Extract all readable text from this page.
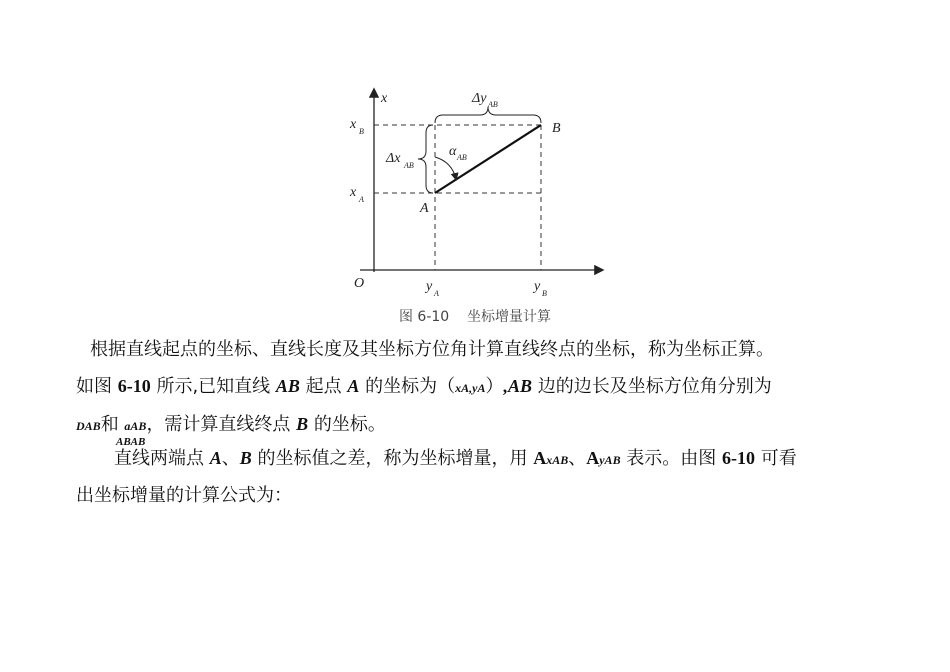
x
O
x B
x A
y A	y B
Δy AB
Δx AB
α AB
A
B
图 6-10    坐标增量计算
根据直线起点的坐标、直线长度及其坐标方位角计算直线终点的坐标，称为坐标正算。
如图 6-10 所示,已知直线 AB 起点 A 的坐标为（xA,yA）,AB 边的边长及坐标方位角分别为
DAB和 aAB，需计算直线终点 B 的坐标。
ABAB
直线两端点 A、B 的坐标值之差，称为坐标增量，用 AxAB、AyAB 表示。由图 6-10 可看
出坐标增量的计算公式为：
